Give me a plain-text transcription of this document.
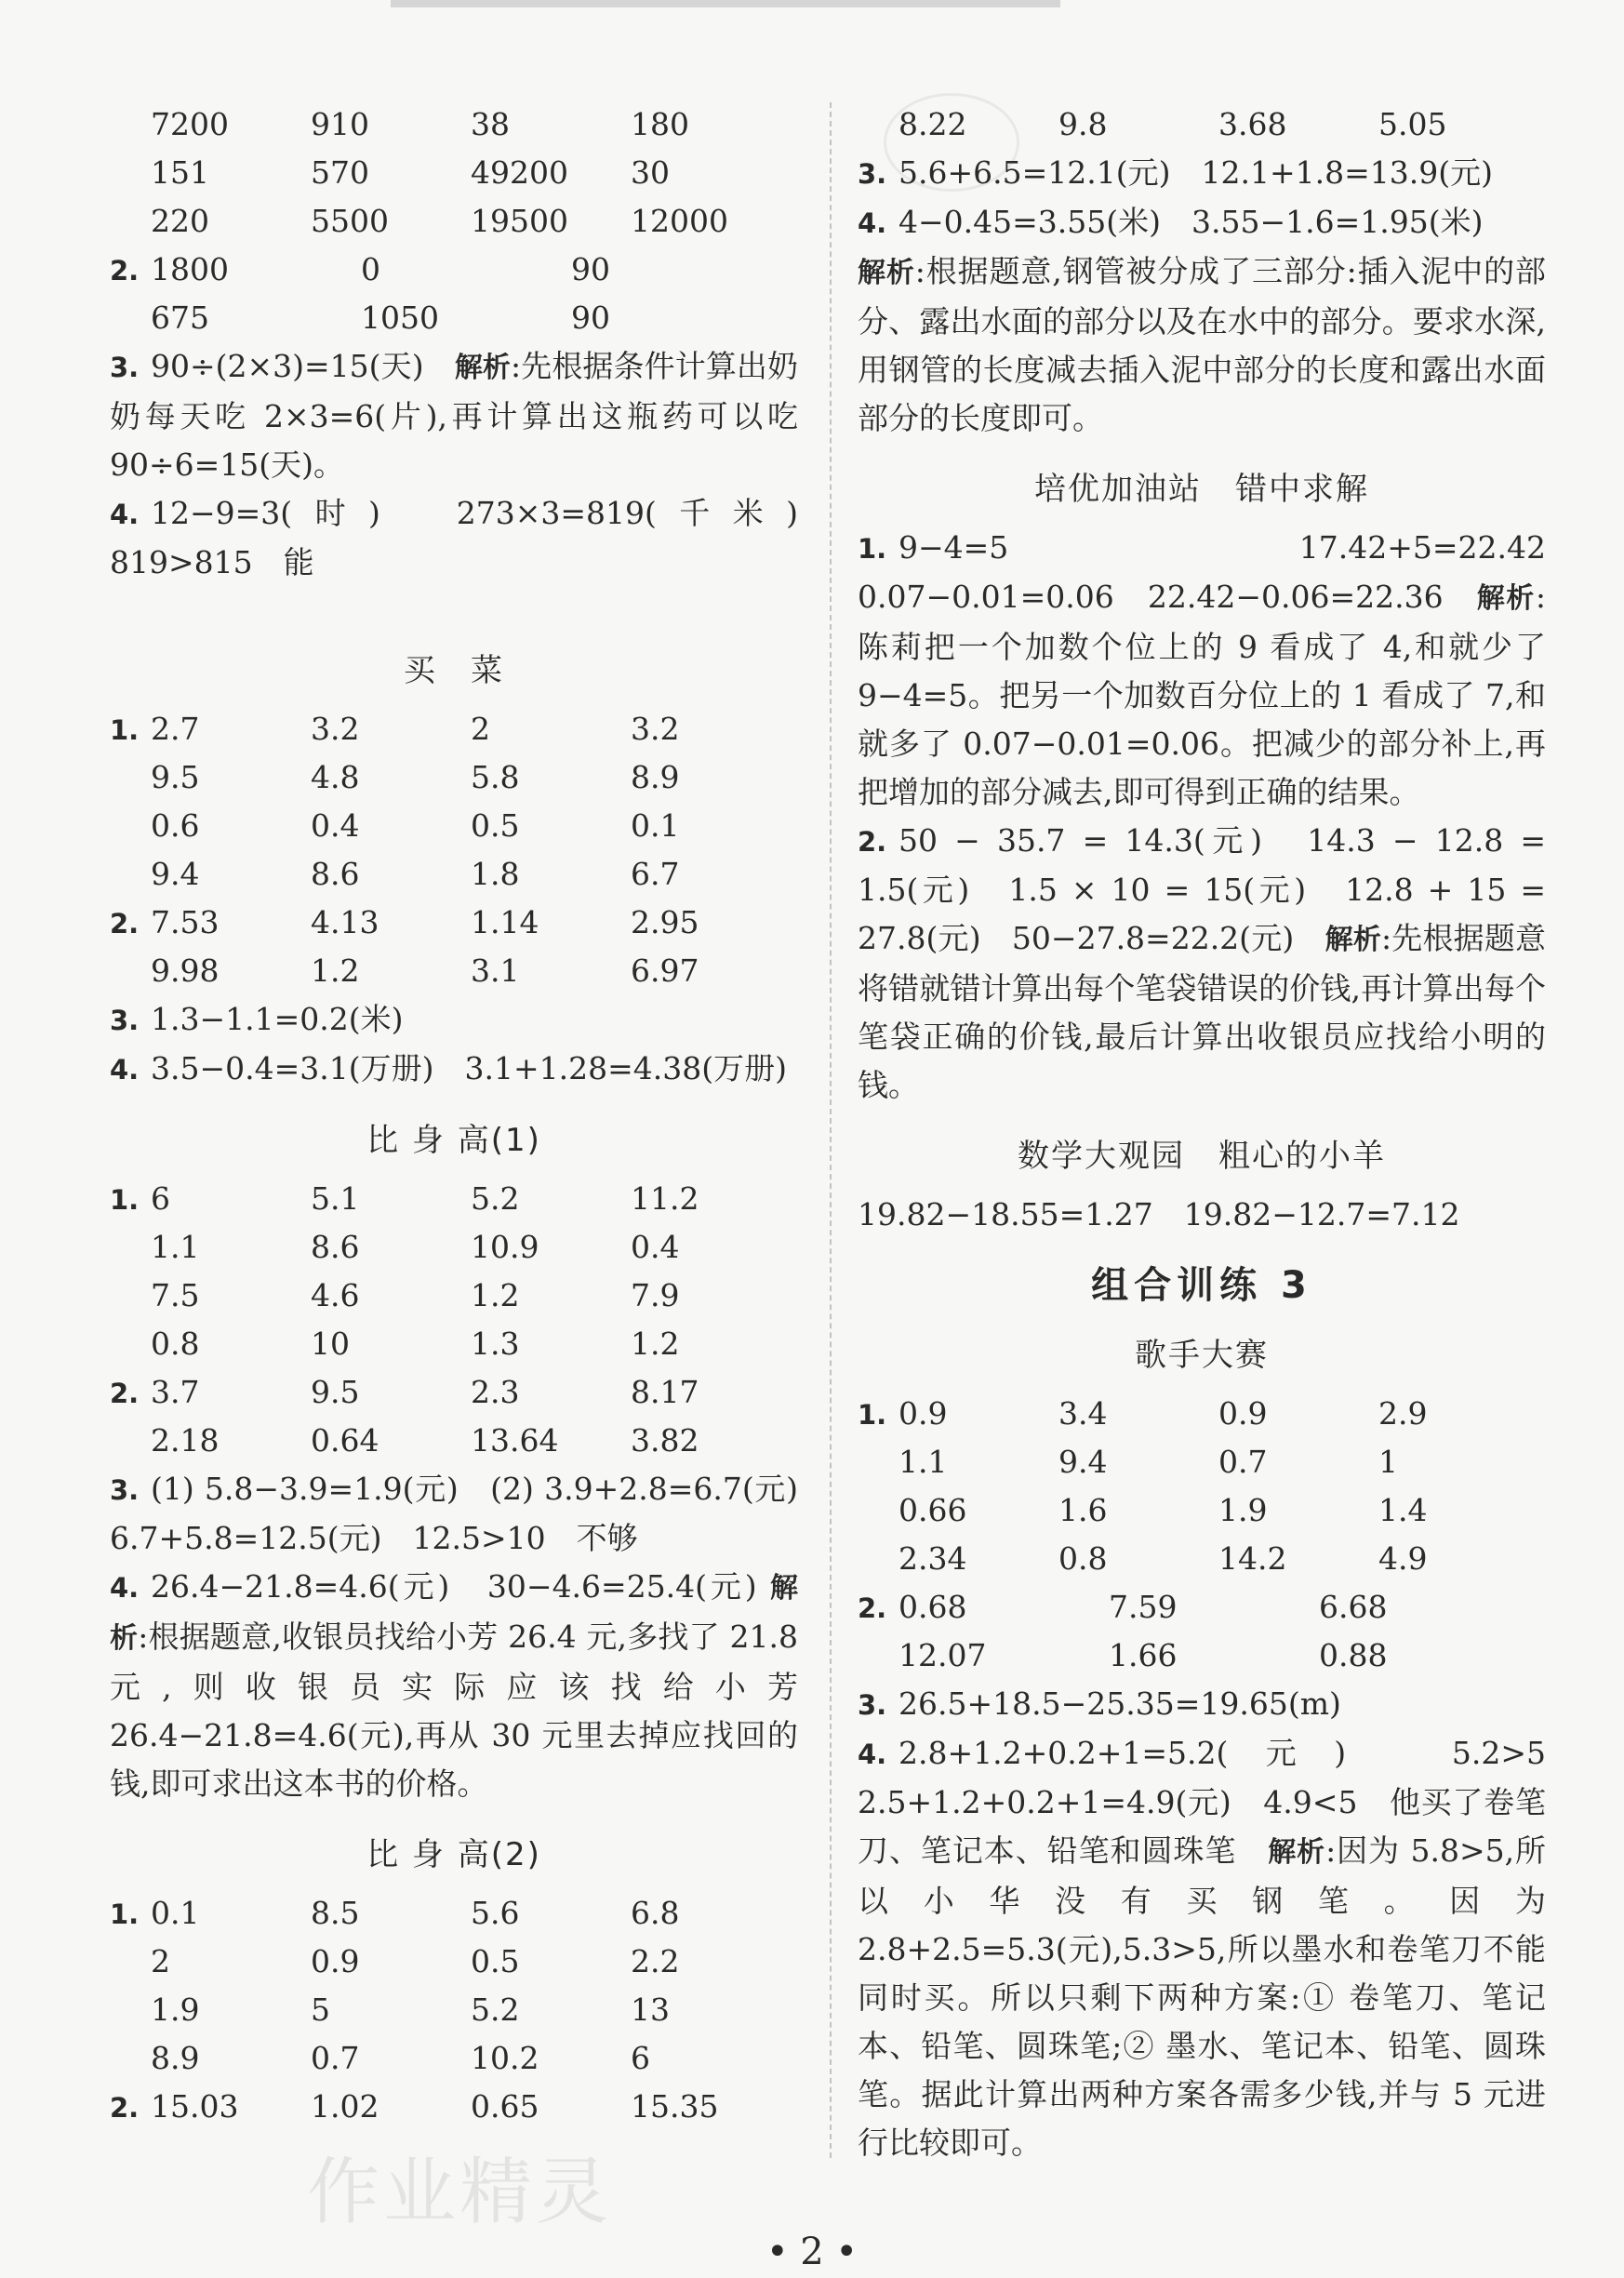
7200	910	38	180
151	570	49200	30
220	5500	19500	12000
2. 1800	0	90
675	1050	90
3. 90÷(2×3)=15(天)　 解析:先根据条件计算出奶奶每天吃 2×3=6(片),再计算出这瓶药可以吃 90÷6=15(天)。
4. 12−9=3(时)　273×3=819(千米)　819>815　能
买　菜
1. 2.7	3.2	2	3.2
9.5	4.8	5.8	8.9
0.6	0.4	0.5	0.1
9.4	8.6	1.8	6.7
2. 7.53	4.13	1.14	2.95
9.98	1.2	3.1	6.97
3. 1.3−1.1=0.2(米)
4. 3.5−0.4=3.1(万册)　3.1+1.28=4.38(万册)
比 身 高(1)
1. 6	5.1	5.2	11.2
1.1	8.6	10.9	0.4
7.5	4.6	1.2	7.9
0.8	10	1.3	1.2
2. 3.7	9.5	2.3	8.17
2.18	0.64	13.64	3.82
3. (1) 5.8−3.9=1.9(元)　(2) 3.9+2.8=6.7(元)　6.7+5.8=12.5(元)　12.5>10　不够
4. 26.4−21.8=4.6(元)　30−4.6=25.4(元) 解析:根据题意,收银员找给小芳 26.4 元,多找了 21.8 元,则收银员实际应该找给小芳 26.4−21.8=4.6(元),再从 30 元里去掉应找回的钱,即可求出这本书的价格。
比 身 高(2)
1. 0.1	8.5	5.6	6.8
2	0.9	0.5	2.2
1.9	5	5.2	13
8.9	0.7	10.2	6
2. 15.03	1.02	0.65	15.35
8.22	9.8	3.68	5.05
3. 5.6+6.5=12.1(元)　12.1+1.8=13.9(元)
4. 4−0.45=3.55(米)　3.55−1.6=1.95(米)
解析:根据题意,钢管被分成了三部分:插入泥中的部分、露出水面的部分以及在水中的部分。要求水深,用钢管的长度减去插入泥中部分的长度和露出水面部分的长度即可。
培优加油站　错中求解
1. 9−4=5　17.42+5=22.42　0.07−0.01=0.06　22.42−0.06=22.36　 解析:陈莉把一个加数个位上的 9 看成了 4,和就少了 9−4=5。把另一个加数百分位上的 1 看成了 7,和就多了 0.07−0.01=0.06。把减少的部分补上,再把增加的部分减去,即可得到正确的结果。
2. 50 − 35.7 = 14.3(元)　14.3 − 12.8 = 1.5(元)　1.5 × 10 = 15(元)　12.8 + 15 = 27.8(元)　50−27.8=22.2(元)　 解析:先根据题意将错就错计算出每个笔袋错误的价钱,再计算出每个笔袋正确的价钱,最后计算出收银员应找给小明的钱。
数学大观园　粗心的小羊
19.82−18.55=1.27　19.82−12.7=7.12
组合训练 3
歌手大赛
1. 0.9	3.4	0.9	2.9
1.1	9.4	0.7	1
0.66	1.6	1.9	1.4
2.34	0.8	14.2	4.9
2. 0.68	7.59	6.68
12.07	1.66	0.88
3. 26.5+18.5−25.35=19.65(m)
4. 2.8+1.2+0.2+1=5.2(元)　5.2>5　2.5+1.2+0.2+1=4.9(元)　4.9<5　他买了卷笔刀、笔记本、铅笔和圆珠笔　 解析:因为 5.8>5,所以小华没有买钢笔。因为 2.8+2.5=5.3(元),5.3>5,所以墨水和卷笔刀不能同时买。所以只剩下两种方案:① 卷笔刀、笔记本、铅笔、圆珠笔;② 墨水、笔记本、铅笔、圆珠笔。据此计算出两种方案各需多少钱,并与 5 元进行比较即可。
作业精灵
• 2 •
